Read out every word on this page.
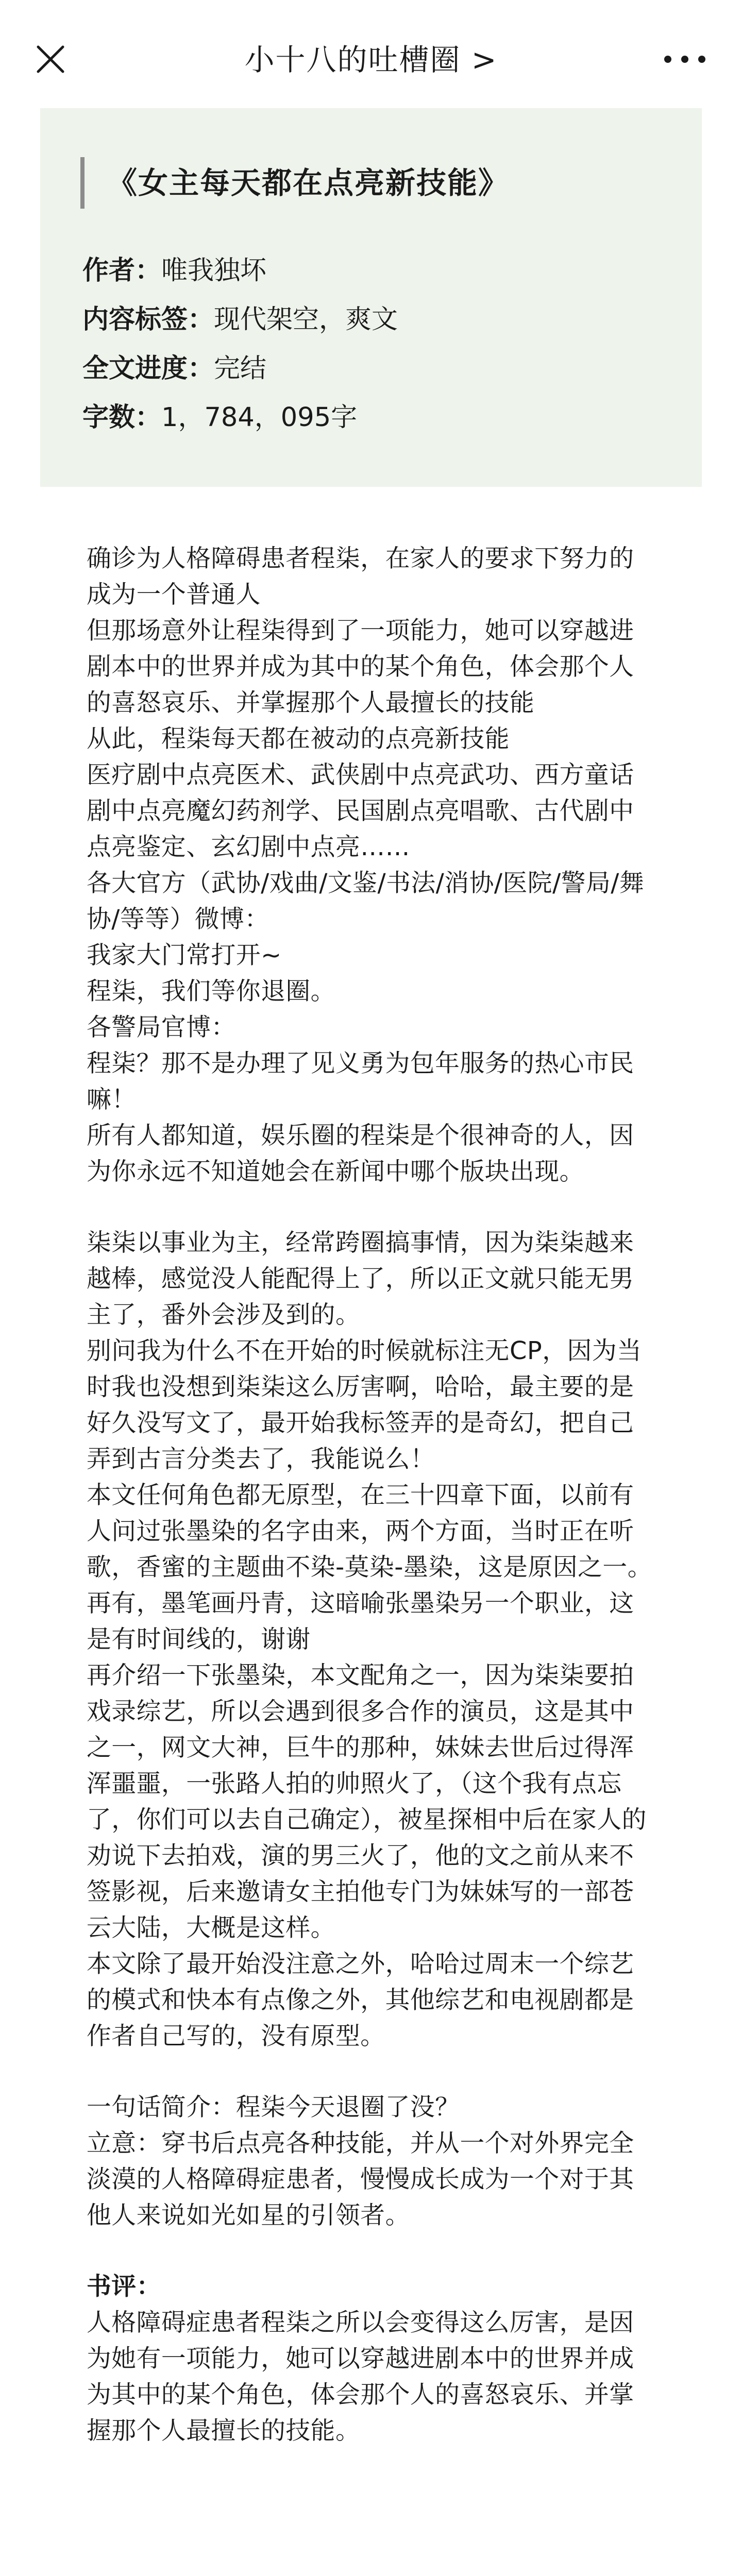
小十八的吐槽圈 >
《女主每天都在点亮新技能》
作者：唯我独坏
内容标签：现代架空，爽文
全文进度：完结
字数：1，784，095字

确诊为人格障碍患者程柒，在家人的要求下努力的成为一个普通人

但那场意外让程柒得到了一项能力，她可以穿越进剧本中的世界并成为其中的某个角色，体会那个人的喜怒哀乐、并掌握那个人最擅长的技能

从此，程柒每天都在被动的点亮新技能

医疗剧中点亮医术、武侠剧中点亮武功、西方童话剧中点亮魔幻药剂学、民国剧点亮唱歌、古代剧中点亮鉴定、玄幻剧中点亮……

各大官方（武协/戏曲/文鉴/书法/消协/医院/警局/舞协/等等）微博：

我家大门常打开~

程柒，我们等你退圈。

各警局官博：

程柒？那不是办理了见义勇为包年服务的热心市民嘛！

所有人都知道，娱乐圈的程柒是个很神奇的人，因为你永远不知道她会在新闻中哪个版块出现。

柒柒以事业为主，经常跨圈搞事情，因为柒柒越来越棒，感觉没人能配得上了，所以正文就只能无男主了，番外会涉及到的。

别问我为什么不在开始的时候就标注无CP，因为当时我也没想到柒柒这么厉害啊，哈哈，最主要的是好久没写文了，最开始我标签弄的是奇幻，把自己弄到古言分类去了，我能说么！

本文任何角色都无原型，在三十四章下面，以前有人问过张墨染的名字由来，两个方面，当时正在听歌，香蜜的主题曲不染-莫染-墨染，这是原因之一。再有，墨笔画丹青，这暗喻张墨染另一个职业，这是有时间线的，谢谢

再介绍一下张墨染，本文配角之一，因为柒柒要拍戏录综艺，所以会遇到很多合作的演员，这是其中之一，网文大神，巨牛的那种，妹妹去世后过得浑浑噩噩，一张路人拍的帅照火了，（这个我有点忘了，你们可以去自己确定），被星探相中后在家人的劝说下去拍戏，演的男三火了，他的文之前从来不签影视，后来邀请女主拍他专门为妹妹写的一部苍云大陆，大概是这样。

本文除了最开始没注意之外，哈哈过周末一个综艺的模式和快本有点像之外，其他综艺和电视剧都是作者自己写的，没有原型。

一句话简介：程柒今天退圈了没？

立意：穿书后点亮各种技能，并从一个对外界完全淡漠的人格障碍症患者，慢慢成长成为一个对于其他人来说如光如星的引领者。

书评：

人格障碍症患者程柒之所以会变得这么厉害，是因为她有一项能力，她可以穿越进剧本中的世界并成为其中的某个角色，体会那个人的喜怒哀乐、并掌握那个人最擅长的技能。
